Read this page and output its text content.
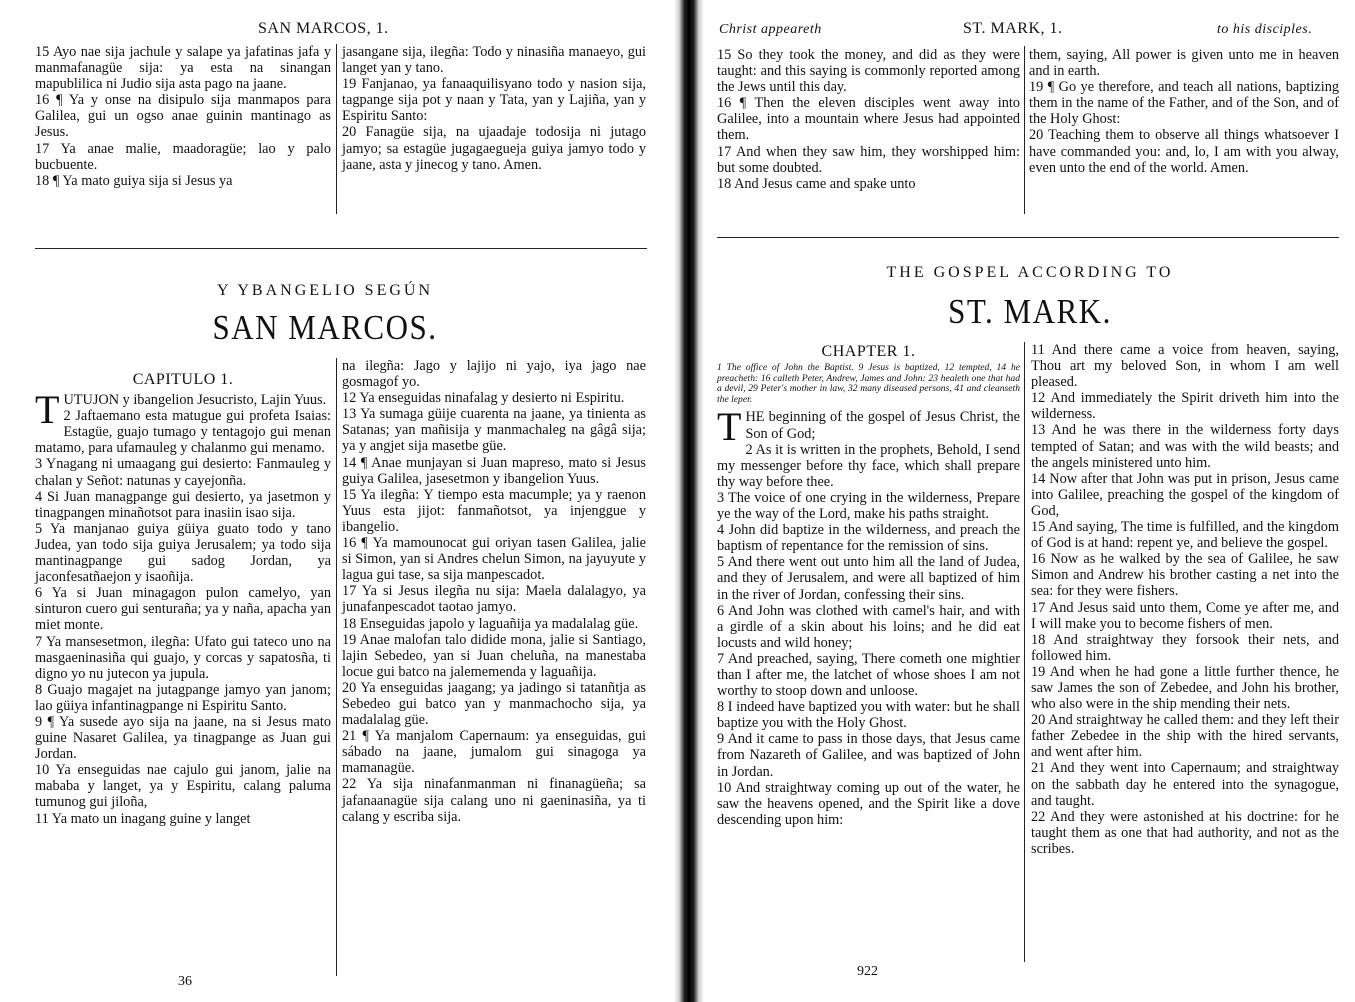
SAN MARCOS, 1.

15 Ayo nae sija jachule y salape ya jafatinas jafa y manmafanagüe sija: ya esta na sinangan mapublilica ni Judio sija asta pago na jaane.

16 ¶ Ya y onse na disipulo sija manmapos para Galilea, gui un ogso anae guinin mantinago as Jesus.

17 Ya anae malie, maadoragüe; lao y palo bucbuente.

18 ¶ Ya mato guiya sija si Jesus ya

jasangane sija, ilegña: Todo y ninasiña manaeyo, gui langet yan y tano.

19 Fanjanao, ya fanaaquilisyano todo y nasion sija, tagpange sija pot y naan y Tata, yan y Lajiña, yan y Espiritu Santo:

20 Fanagüe sija, na ujaadaje todosija ni jutago jamyo; sa estagüe jugagaegueja guiya jamyo todo y jaane, asta y jinecog y tano. Amen.

Y YBANGELIO SEGÚN
SAN MARCOS.
CAPITULO 1.

TUTUJON y ibangelion Jesucristo, Lajin Yuus.

2 Jaftaemano esta matugue gui profeta Isaias: Estagüe, guajo tumago y tentagojo gui menan matamo, para ufamauleg y chalanmo gui menamo.

3 Ynagang ni umaagang gui desierto: Fanmauleg y chalan y Señot: natunas y cayejonña.

4 Si Juan managpange gui desierto, ya jasetmon y tinagpangen minañotsot para inasiin isao sija.

5 Ya manjanao guiya güiya guato todo y tano Judea, yan todo sija guiya Jerusalem; ya todo sija mantinagpange gui sadog Jordan, ya jaconfesatñaejon y isaoñija.

6 Ya si Juan minagagon pulon camelyo, yan sinturon cuero gui senturaña; ya y naña, apacha yan miet monte.

7 Ya mansesetmon, ilegña: Ufato gui tateco uno na masgaeninasiña qui guajo, y corcas y sapatosña, ti digno yo nu jutecon ya jupula.

8 Guajo magajet na jutagpange jamyo yan janom; lao güiya infantinagpange ni Espiritu Santo.

9 ¶ Ya susede ayo sija na jaane, na si Jesus mato guine Nasaret Galilea, ya tinagpange as Juan gui Jordan.

10 Ya enseguidas nae cajulo gui janom, jalie na mababa y langet, ya y Espiritu, calang paluma tumunog gui jiloña,

11 Ya mato un inagang guine y langet

na ilegña: Jago y lajijo ni yajo, iya jago nae gosmagof yo.

12 Ya enseguidas ninafalag y desierto ni Espiritu.

13 Ya sumaga güije cuarenta na jaane, ya tinienta as Satanas; yan mañisija y manmachaleg na gâgâ sija; ya y angjet sija masetbe güe.

14 ¶ Anae munjayan si Juan mapreso, mato si Jesus guiya Galilea, jasesetmon y ibangelion Yuus.

15 Ya ilegña: Y tiempo esta macumple; ya y raenon Yuus esta jijot: fanmañotsot, ya injenggue y ibangelio.

16 ¶ Ya mamounocat gui oriyan tasen Galilea, jalie si Simon, yan si Andres chelun Simon, na jayuyute y lagua gui tase, sa sija manpescadot.

17 Ya si Jesus ilegña nu sija: Maela dalalagyo, ya junafanpescadot taotao jamyo.

18 Enseguidas japolo y laguañija ya madalalag güe.

19 Anae malofan talo didide mona, jalie si Santiago, lajin Sebedeo, yan si Juan cheluña, na manestaba locue gui batco na jalememenda y laguañija.

20 Ya enseguidas jaagang; ya jadingo si tatanñtja as Sebedeo gui batco yan y manmachocho sija, ya madalalag güe.

21 ¶ Ya manjalom Capernaum: ya enseguidas, gui sábado na jaane, jumalom gui sinagoga ya mamanagüe.

22 Ya sija ninafanmanman ni finanagüeña; sa jafanaanagüe sija calang uno ni gaeninasiña, ya ti calang y escriba sija.

36
Christ appeareth	ST. MARK, 1.	to his disciples.

15 So they took the money, and did as they were taught: and this saying is commonly reported among the Jews until this day.

16 ¶ Then the eleven disciples went away into Galilee, into a mountain where Jesus had appointed them.

17 And when they saw him, they worshipped him: but some doubted.

18 And Jesus came and spake unto

them, saying, All power is given unto me in heaven and in earth.

19 ¶ Go ye therefore, and teach all nations, baptizing them in the name of the Father, and of the Son, and of the Holy Ghost:

20 Teaching them to observe all things whatsoever I have commanded you: and, lo, I am with you alway, even unto the end of the world. Amen.

THE GOSPEL ACCORDING TO
ST. MARK.
CHAPTER 1.
1 The office of John the Baptist. 9 Jesus is baptized, 12 tempted, 14 he preacheth: 16 calleth Peter, Andrew, James and John: 23 healeth one that had a devil, 29 Peter's mother in law, 32 many diseased persons, 41 and cleanseth the leper.

THE beginning of the gospel of Jesus Christ, the Son of God;

2 As it is written in the prophets, Behold, I send my messenger before thy face, which shall prepare thy way before thee.

3 The voice of one crying in the wilderness, Prepare ye the way of the Lord, make his paths straight.

4 John did baptize in the wilderness, and preach the baptism of repentance for the remission of sins.

5 And there went out unto him all the land of Judea, and they of Jerusalem, and were all baptized of him in the river of Jordan, confessing their sins.

6 And John was clothed with camel's hair, and with a girdle of a skin about his loins; and he did eat locusts and wild honey;

7 And preached, saying, There cometh one mightier than I after me, the latchet of whose shoes I am not worthy to stoop down and unloose.

8 I indeed have baptized you with water: but he shall baptize you with the Holy Ghost.

9 And it came to pass in those days, that Jesus came from Nazareth of Galilee, and was baptized of John in Jordan.

10 And straightway coming up out of the water, he saw the heavens opened, and the Spirit like a dove descending upon him:

11 And there came a voice from heaven, saying, Thou art my beloved Son, in whom I am well pleased.

12 And immediately the Spirit driveth him into the wilderness.

13 And he was there in the wilderness forty days tempted of Satan; and was with the wild beasts; and the angels ministered unto him.

14 Now after that John was put in prison, Jesus came into Galilee, preaching the gospel of the kingdom of God,

15 And saying, The time is fulfilled, and the kingdom of God is at hand: repent ye, and believe the gospel.

16 Now as he walked by the sea of Galilee, he saw Simon and Andrew his brother casting a net into the sea: for they were fishers.

17 And Jesus said unto them, Come ye after me, and I will make you to become fishers of men.

18 And straightway they forsook their nets, and followed him.

19 And when he had gone a little further thence, he saw James the son of Zebedee, and John his brother, who also were in the ship mending their nets.

20 And straightway he called them: and they left their father Zebedee in the ship with the hired servants, and went after him.

21 And they went into Capernaum; and straightway on the sabbath day he entered into the synagogue, and taught.

22 And they were astonished at his doctrine: for he taught them as one that had authority, and not as the scribes.

922
